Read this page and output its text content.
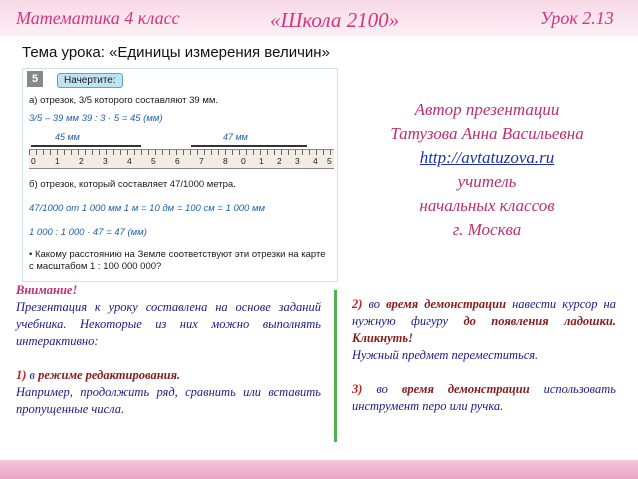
Математика 4 класс	«Школа 2100»	Урок 2.13
Тема урока: «Единицы измерения величин»
5	Начертите:
а) отрезок, 3/5 которого составляют 39 мм.
3/5 – 39 мм 39 : 3 · 5 = 45 (мм)
45 мм	47 мм
0 1 2 3 4 5 6 7 8 0 1 2 3 4 5
б) отрезок, который составляет 47/1000 метра.
47/1000 от 1 000 мм 1 м = 10 дм = 100 см = 1 000 мм
1 000 : 1 000 · 47 = 47 (мм)
• Какому расстоянию на Земле соответствуют эти отрезки на карте с масштабом 1 : 100 000 000?
Автор презентации
Татузова Анна Васильевна
http://avtatuzova.ru
учитель
начальных классов
г. Москва

Внимание!

Презентация к уроку составлена на основе заданий учебника. Некоторые из них можно выполнять интерактивно:

1) в режиме редактирования.

Например, продолжить ряд, сравнить или вставить пропущенные числа.

2) во время демонстрации навести курсор на нужную фигуру до появления ладошки. Кликнуть!

Нужный предмет переместиться.

3) во время демонстрации использовать инструмент перо или ручка.
